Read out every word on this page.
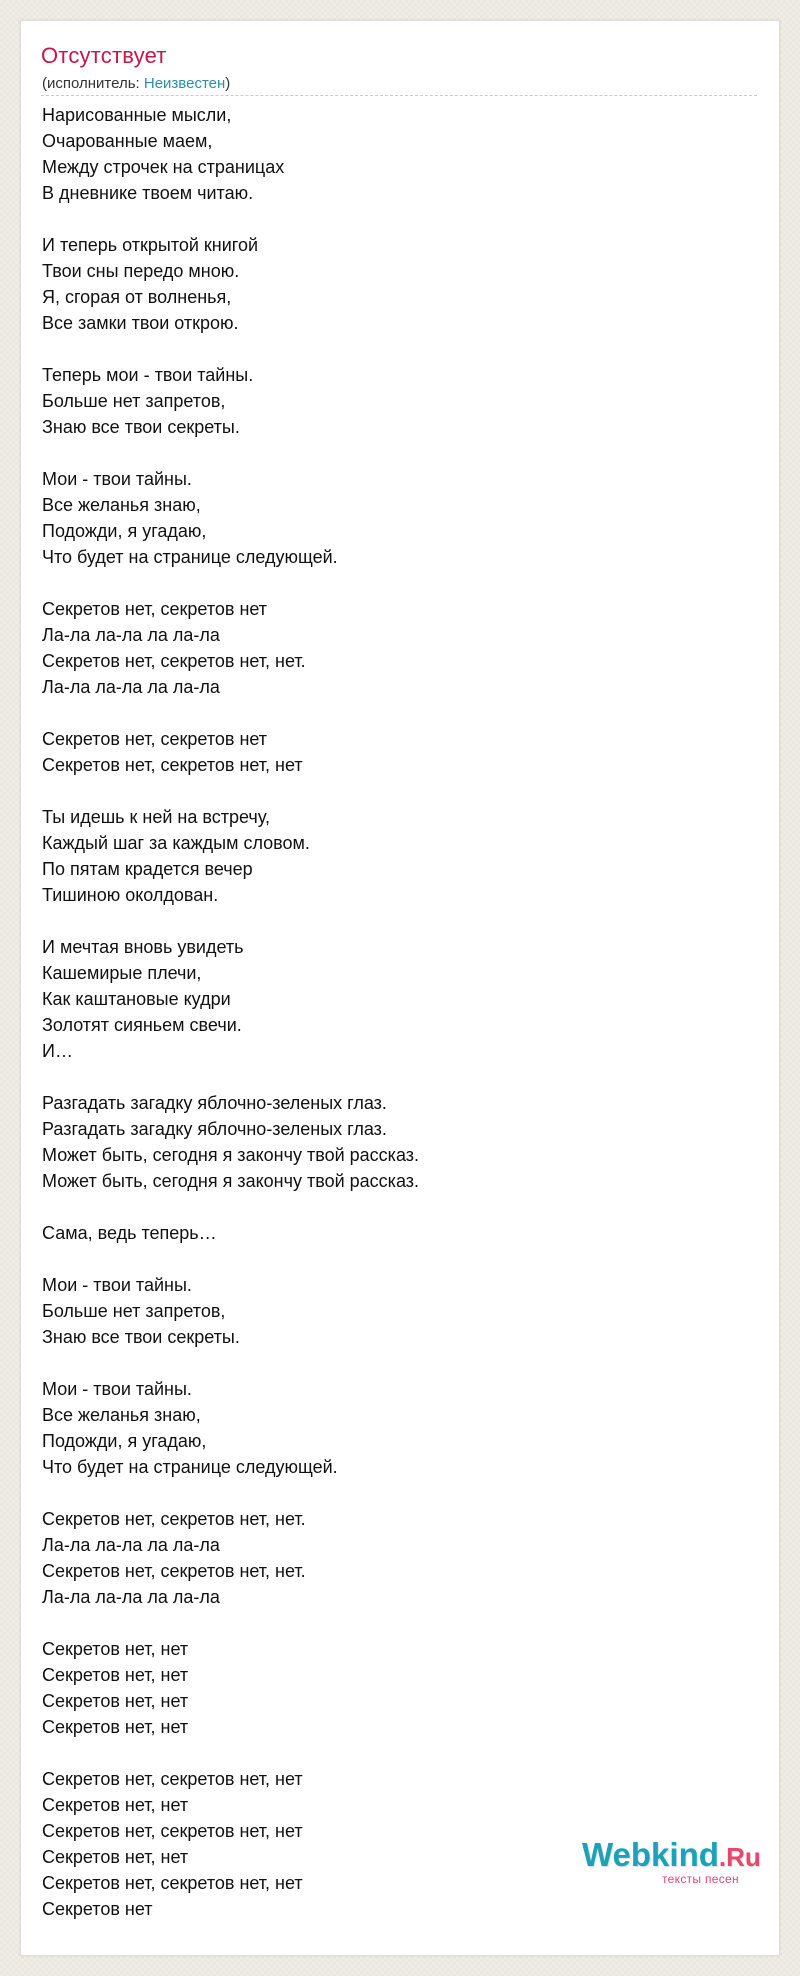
Отсутствует
(исполнитель: Неизвестен)
Нарисованные мысли,
Очарованные маем,
Между строчек на страницах
В дневнике твоем читаю.
И теперь открытой книгой
Твои сны передо мною.
Я, сгорая от волненья,
Все замки твои открою.
Теперь мои - твои тайны.
Больше нет запретов,
Знаю все твои секреты.
Мои - твои тайны.
Все желанья знаю,
Подожди, я угадаю,
Что будет на странице следующей.
Секретов нет, секретов нет
Ла-ла ла-ла ла ла-ла
Секретов нет, секретов нет, нет.
Ла-ла ла-ла ла ла-ла
Секретов нет, секретов нет
Секретов нет, секретов нет, нет
Ты идешь к ней на встречу,
Каждый шаг за каждым словом.
По пятам крадется вечер
Тишиною околдован.
И мечтая вновь увидеть
Кашемирые плечи,
Как каштановые кудри
Золотят сияньем свечи.
И…
Разгадать загадку яблочно-зеленых глаз.
Разгадать загадку яблочно-зеленых глаз.
Может быть, сегодня я закончу твой рассказ.
Может быть, сегодня я закончу твой рассказ.
Сама, ведь теперь…
Мои - твои тайны.
Больше нет запретов,
Знаю все твои секреты.
Мои - твои тайны.
Все желанья знаю,
Подожди, я угадаю,
Что будет на странице следующей.
Секретов нет, секретов нет, нет.
Ла-ла ла-ла ла ла-ла
Секретов нет, секретов нет, нет.
Ла-ла ла-ла ла ла-ла
Секретов нет, нет
Секретов нет, нет
Секретов нет, нет
Секретов нет, нет
Секретов нет, секретов нет, нет
Секретов нет, нет
Секретов нет, секретов нет, нет
Секретов нет, нет
Секретов нет, секретов нет, нет
Секретов нет
Webkind.Ru
тексты песен
